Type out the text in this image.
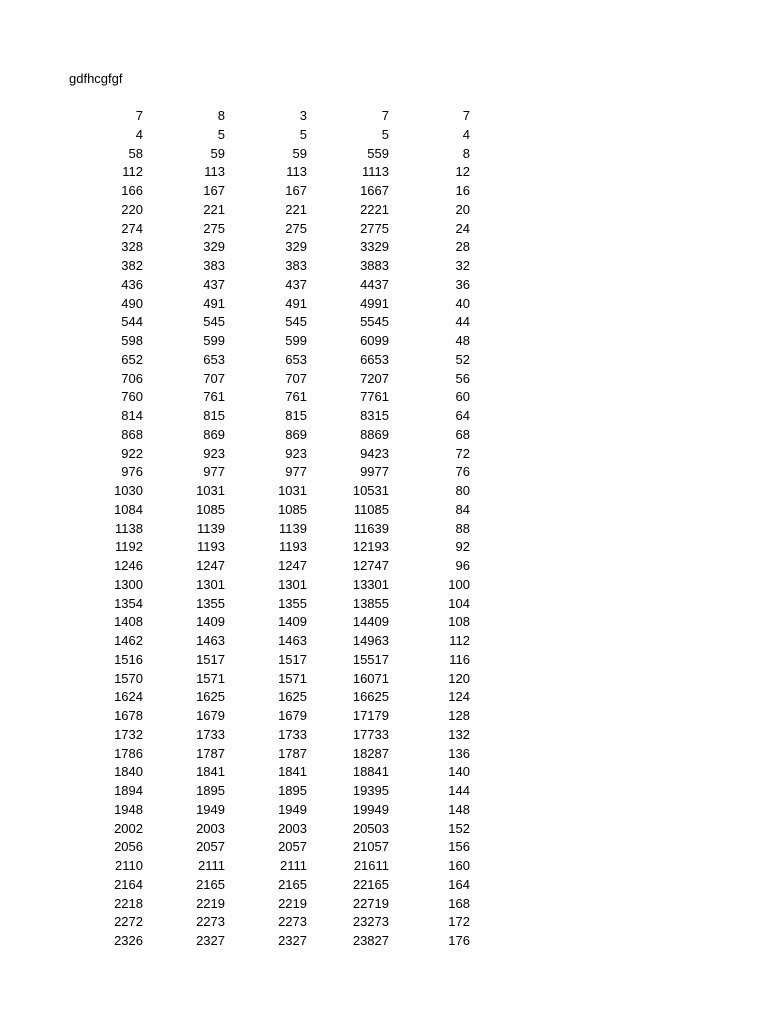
gdfhcgfgf
7	8	3	7	7
4	5	5	5	4
58	59	59	559	8
112	113	113	1113	12
166	167	167	1667	16
220	221	221	2221	20
274	275	275	2775	24
328	329	329	3329	28
382	383	383	3883	32
436	437	437	4437	36
490	491	491	4991	40
544	545	545	5545	44
598	599	599	6099	48
652	653	653	6653	52
706	707	707	7207	56
760	761	761	7761	60
814	815	815	8315	64
868	869	869	8869	68
922	923	923	9423	72
976	977	977	9977	76
1030	1031	1031	10531	80
1084	1085	1085	11085	84
1138	1139	1139	11639	88
1192	1193	1193	12193	92
1246	1247	1247	12747	96
1300	1301	1301	13301	100
1354	1355	1355	13855	104
1408	1409	1409	14409	108
1462	1463	1463	14963	112
1516	1517	1517	15517	116
1570	1571	1571	16071	120
1624	1625	1625	16625	124
1678	1679	1679	17179	128
1732	1733	1733	17733	132
1786	1787	1787	18287	136
1840	1841	1841	18841	140
1894	1895	1895	19395	144
1948	1949	1949	19949	148
2002	2003	2003	20503	152
2056	2057	2057	21057	156
2110	2111	2111	21611	160
2164	2165	2165	22165	164
2218	2219	2219	22719	168
2272	2273	2273	23273	172
2326	2327	2327	23827	176
